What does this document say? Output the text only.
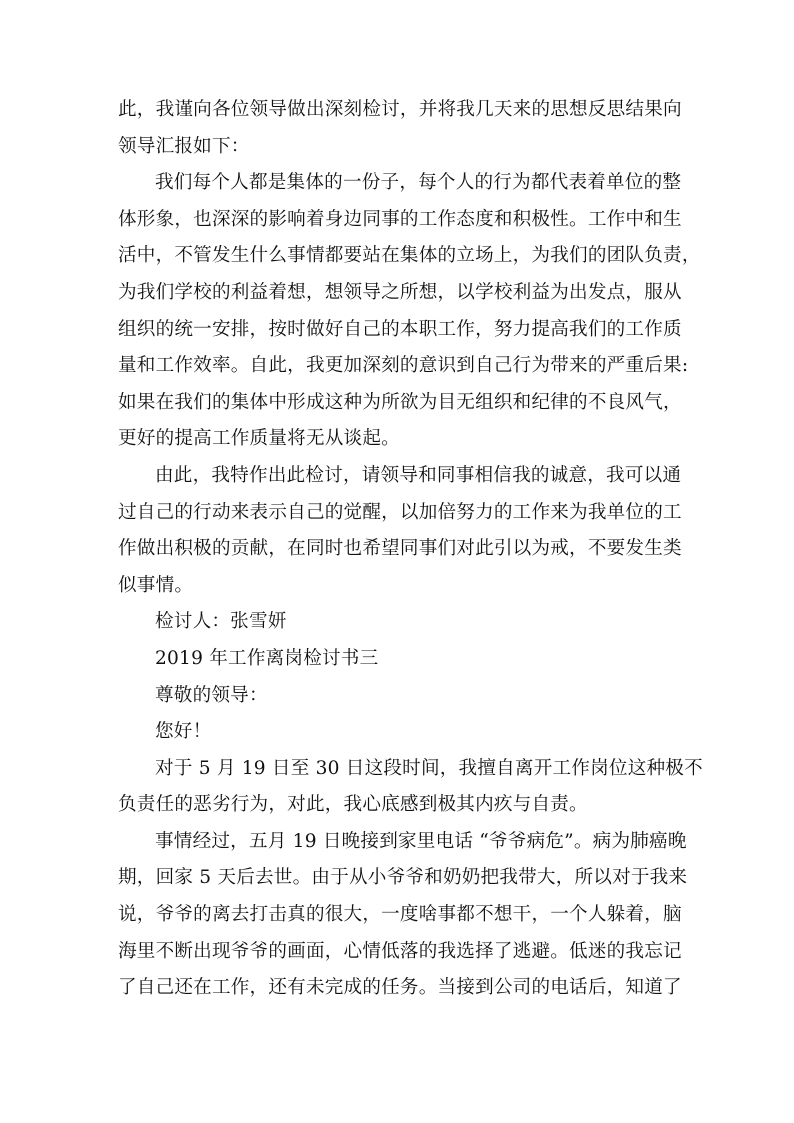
此，我谨向各位领导做出深刻检讨，并将我几天来的思想反思结果向
领导汇报如下：
我们每个人都是集体的一份子，每个人的行为都代表着单位的整
体形象，也深深的影响着身边同事的工作态度和积极性。工作中和生
活中，不管发生什么事情都要站在集体的立场上，为我们的团队负责，
为我们学校的利益着想，想领导之所想，以学校利益为出发点，服从
组织的统一安排，按时做好自己的本职工作，努力提高我们的工作质
量和工作效率。自此，我更加深刻的意识到自己行为带来的严重后果:
如果在我们的集体中形成这种为所欲为目无组织和纪律的不良风气，
更好的提高工作质量将无从谈起。
由此，我特作出此检讨，请领导和同事相信我的诚意，我可以通
过自己的行动来表示自己的觉醒，以加倍努力的工作来为我单位的工
作做出积极的贡献，在同时也希望同事们对此引以为戒，不要发生类
似事情。
检讨人：张雪妍
2019 年工作离岗检讨书三
尊敬的领导：
您好！
对于 5 月 19 日至 30 日这段时间，我擅自离开工作岗位这种极不
负责任的恶劣行为，对此，我心底感到极其内疚与自责。
事情经过，五月 19 日晚接到家里电话 “爷爷病危”。病为肺癌晚
期，回家 5 天后去世。由于从小爷爷和奶奶把我带大，所以对于我来
说，爷爷的离去打击真的很大，一度啥事都不想干，一个人躲着，脑
海里不断出现爷爷的画面，心情低落的我选择了逃避。低迷的我忘记
了自己还在工作，还有未完成的任务。当接到公司的电话后，知道了
